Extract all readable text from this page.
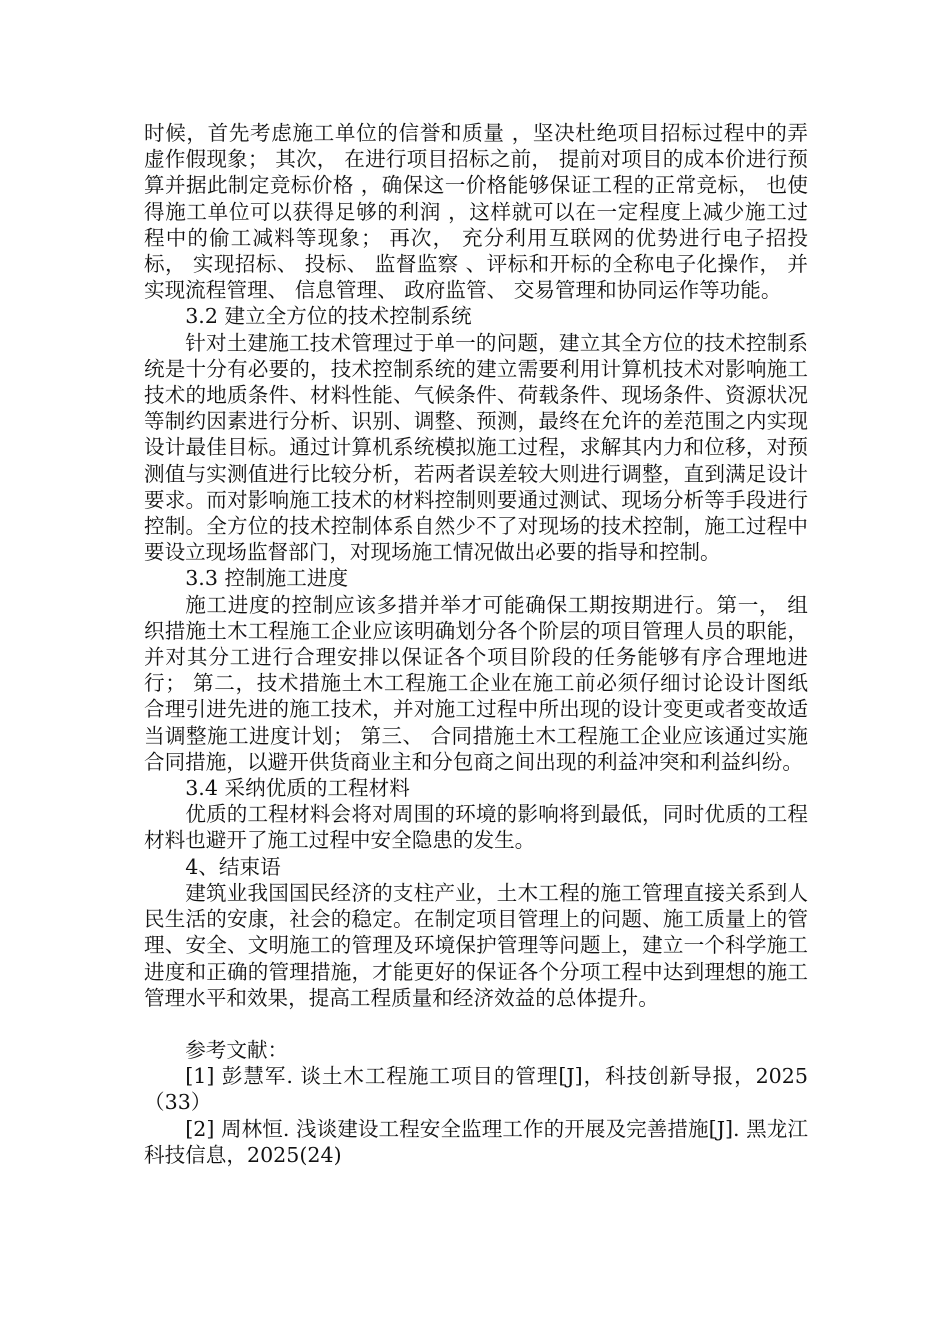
时候，首先考虑施工单位的信誉和质量 ，坚决杜绝项目招标过程中的弄虚作假现象； 其次， 在进行项目招标之前， 提前对项目的成本价进行预算并据此制定竞标价格 ，确保这一价格能够保证工程的正常竞标， 也使得施工单位可以获得足够的利润 ，这样就可以在一定程度上减少施工过程中的偷工减料等现象； 再次， 充分利用互联网的优势进行电子招投标， 实现招标、 投标、 监督监察 、评标和开标的全称电子化操作， 并实现流程管理、 信息管理、 政府监管、 交易管理和协同运作等功能。

3.2 建立全方位的技术控制系统

针对土建施工技术管理过于单一的问题，建立其全方位的技术控制系统是十分有必要的，技术控制系统的建立需要利用计算机技术对影响施工技术的地质条件、材料性能、气候条件、荷载条件、现场条件、资源状况等制约因素进行分析、识别、调整、预测，最终在允许的差范围之内实现设计最佳目标。通过计算机系统模拟施工过程，求解其内力和位移，对预测值与实测值进行比较分析，若两者误差较大则进行调整，直到满足设计要求。而对影响施工技术的材料控制则要通过测试、现场分析等手段进行控制。全方位的技术控制体系自然少不了对现场的技术控制，施工过程中要设立现场监督部门，对现场施工情况做出必要的指导和控制。

3.3 控制施工进度

施工进度的控制应该多措并举才可能确保工期按期进行。第一， 组织措施土木工程施工企业应该明确划分各个阶层的项目管理人员的职能，并对其分工进行合理安排以保证各个项目阶段的任务能够有序合理地进行； 第二，技术措施土木工程施工企业在施工前必须仔细讨论设计图纸合理引进先进的施工技术，并对施工过程中所出现的设计变更或者变故适当调整施工进度计划； 第三、 合同措施土木工程施工企业应该通过实施合同措施，以避开供货商业主和分包商之间出现的利益冲突和利益纠纷。

3.4 采纳优质的工程材料

优质的工程材料会将对周围的环境的影响将到最低，同时优质的工程材料也避开了施工过程中安全隐患的发生。

4、结束语

建筑业我国国民经济的支柱产业，土木工程的施工管理直接关系到人民生活的安康，社会的稳定。在制定项目管理上的问题、施工质量上的管理、安全、文明施工的管理及环境保护管理等问题上，建立一个科学施工进度和正确的管理措施，才能更好的保证各个分项工程中达到理想的施工管理水平和效果，提高工程质量和经济效益的总体提升。

参考文献：

[1] 彭慧军. 谈土木工程施工项目的管理[J]，科技创新导报，2025（33）

[2] 周林恒. 浅谈建设工程安全监理工作的开展及完善措施[J]. 黑龙江科技信息，2025(24)
